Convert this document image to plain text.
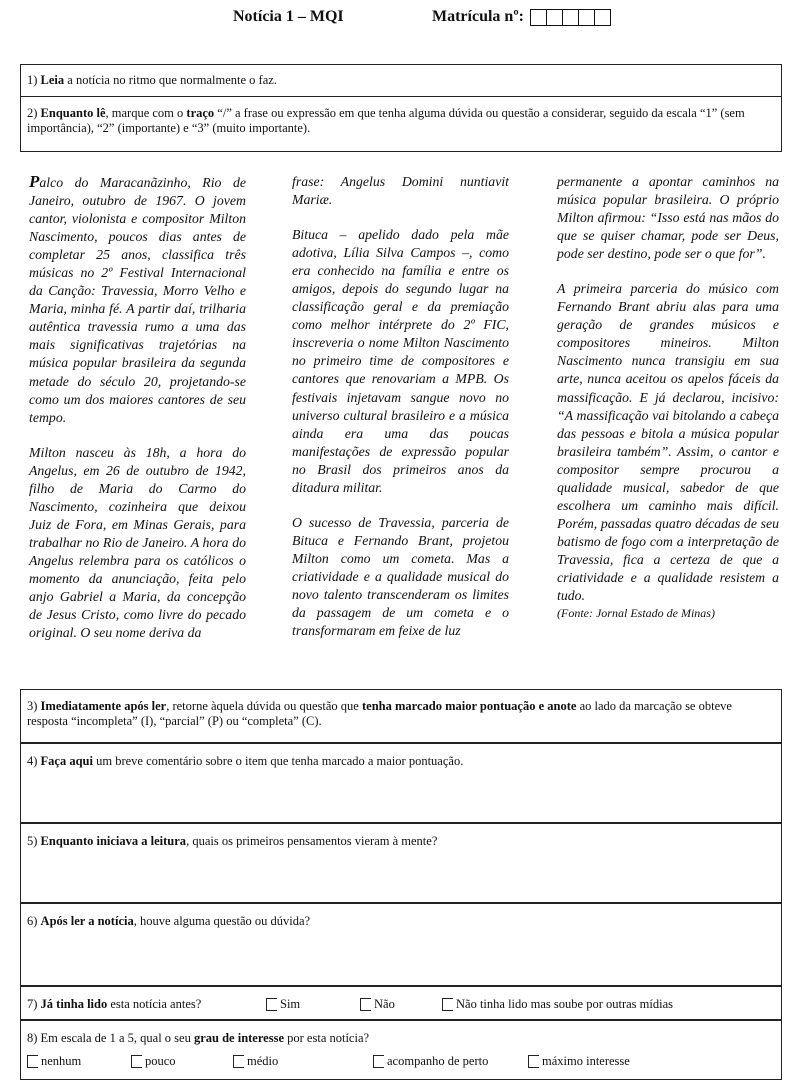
Notícia 1 – MQI	Matrícula nº:
1) Leia a notícia no ritmo que normalmente o faz.
2) Enquanto lê, marque com o traço “/” a frase ou expressão em que tenha alguma dúvida ou questão a considerar, seguido da escala “1” (sem importância), “2” (importante) e “3” (muito importante).

Palco do Maracanãzinho, Rio de Janeiro, outubro de 1967. O jovem cantor, violonista e compositor Milton Nascimento, poucos dias antes de completar 25 anos, classifica três músicas no 2º Festival Internacional da Canção: Travessia, Morro Velho e Maria, minha fé. A partir daí, trilharia autêntica travessia rumo a uma das mais significativas trajetórias na música popular brasileira da segunda metade do século 20, projetando-se como um dos maiores cantores de seu tempo.

Milton nasceu às 18h, a hora do Angelus, em 26 de outubro de 1942, filho de Maria do Carmo do Nascimento, cozinheira que deixou Juiz de Fora, em Minas Gerais, para trabalhar no Rio de Janeiro. A hora do Angelus relembra para os católicos o momento da anunciação, feita pelo anjo Gabriel a Maria, da concepção de Jesus Cristo, como livre do pecado original. O seu nome deriva da

frase: Angelus Domini nuntiavit Mariæ.

Bituca – apelido dado pela mãe adotiva, Lília Silva Campos –, como era conhecido na família e entre os amigos, depois do segundo lugar na classificação geral e da premiação como melhor intérprete do 2º FIC, inscreveria o nome Milton Nascimento no primeiro time de compositores e cantores que renovariam a MPB. Os festivais injetavam sangue novo no universo cultural brasileiro e a música ainda era uma das poucas manifestações de expressão popular no Brasil dos primeiros anos da ditadura militar.

O sucesso de Travessia, parceria de Bituca e Fernando Brant, projetou Milton como um cometa. Mas a criatividade e a qualidade musical do novo talento transcenderam os limites da passagem de um cometa e o transformaram em feixe de luz

permanente a apontar caminhos na música popular brasileira. O próprio Milton afirmou: “Isso está nas mãos do que se quiser chamar, pode ser Deus, pode ser destino, pode ser o que for”.

A primeira parceria do músico com Fernando Brant abriu alas para uma geração de grandes músicos e compositores mineiros. Milton Nascimento nunca transigiu em sua arte, nunca aceitou os apelos fáceis da massificação. E já declarou, incisivo: “A massificação vai bitolando a cabeça das pessoas e bitola a música popular brasileira também”. Assim, o cantor e compositor sempre procurou a qualidade musical, sabedor de que escolhera um caminho mais difícil. Porém, passadas quatro décadas de seu batismo de fogo com a interpretação de Travessia, fica a certeza de que a criatividade e a qualidade resistem a tudo.

(Fonte: Jornal Estado de Minas)
3) Imediatamente após ler, retorne àquela dúvida ou questão que tenha marcado maior pontuação e anote ao lado da marcação se obteve resposta “incompleta” (I), “parcial” (P) ou “completa” (C).
4) Faça aqui um breve comentário sobre o item que tenha marcado a maior pontuação.
5) Enquanto iniciava a leitura, quais os primeiros pensamentos vieram à mente?
6) Após ler a notícia, houve alguma questão ou dúvida?
7) Já tinha lido esta notícia antes?	Sim	Não	Não tinha lido mas soube por outras mídias
8) Em escala de 1 a 5, qual o seu grau de interesse por esta notícia?
nenhum	pouco	médio	acompanho de perto	máximo interesse
